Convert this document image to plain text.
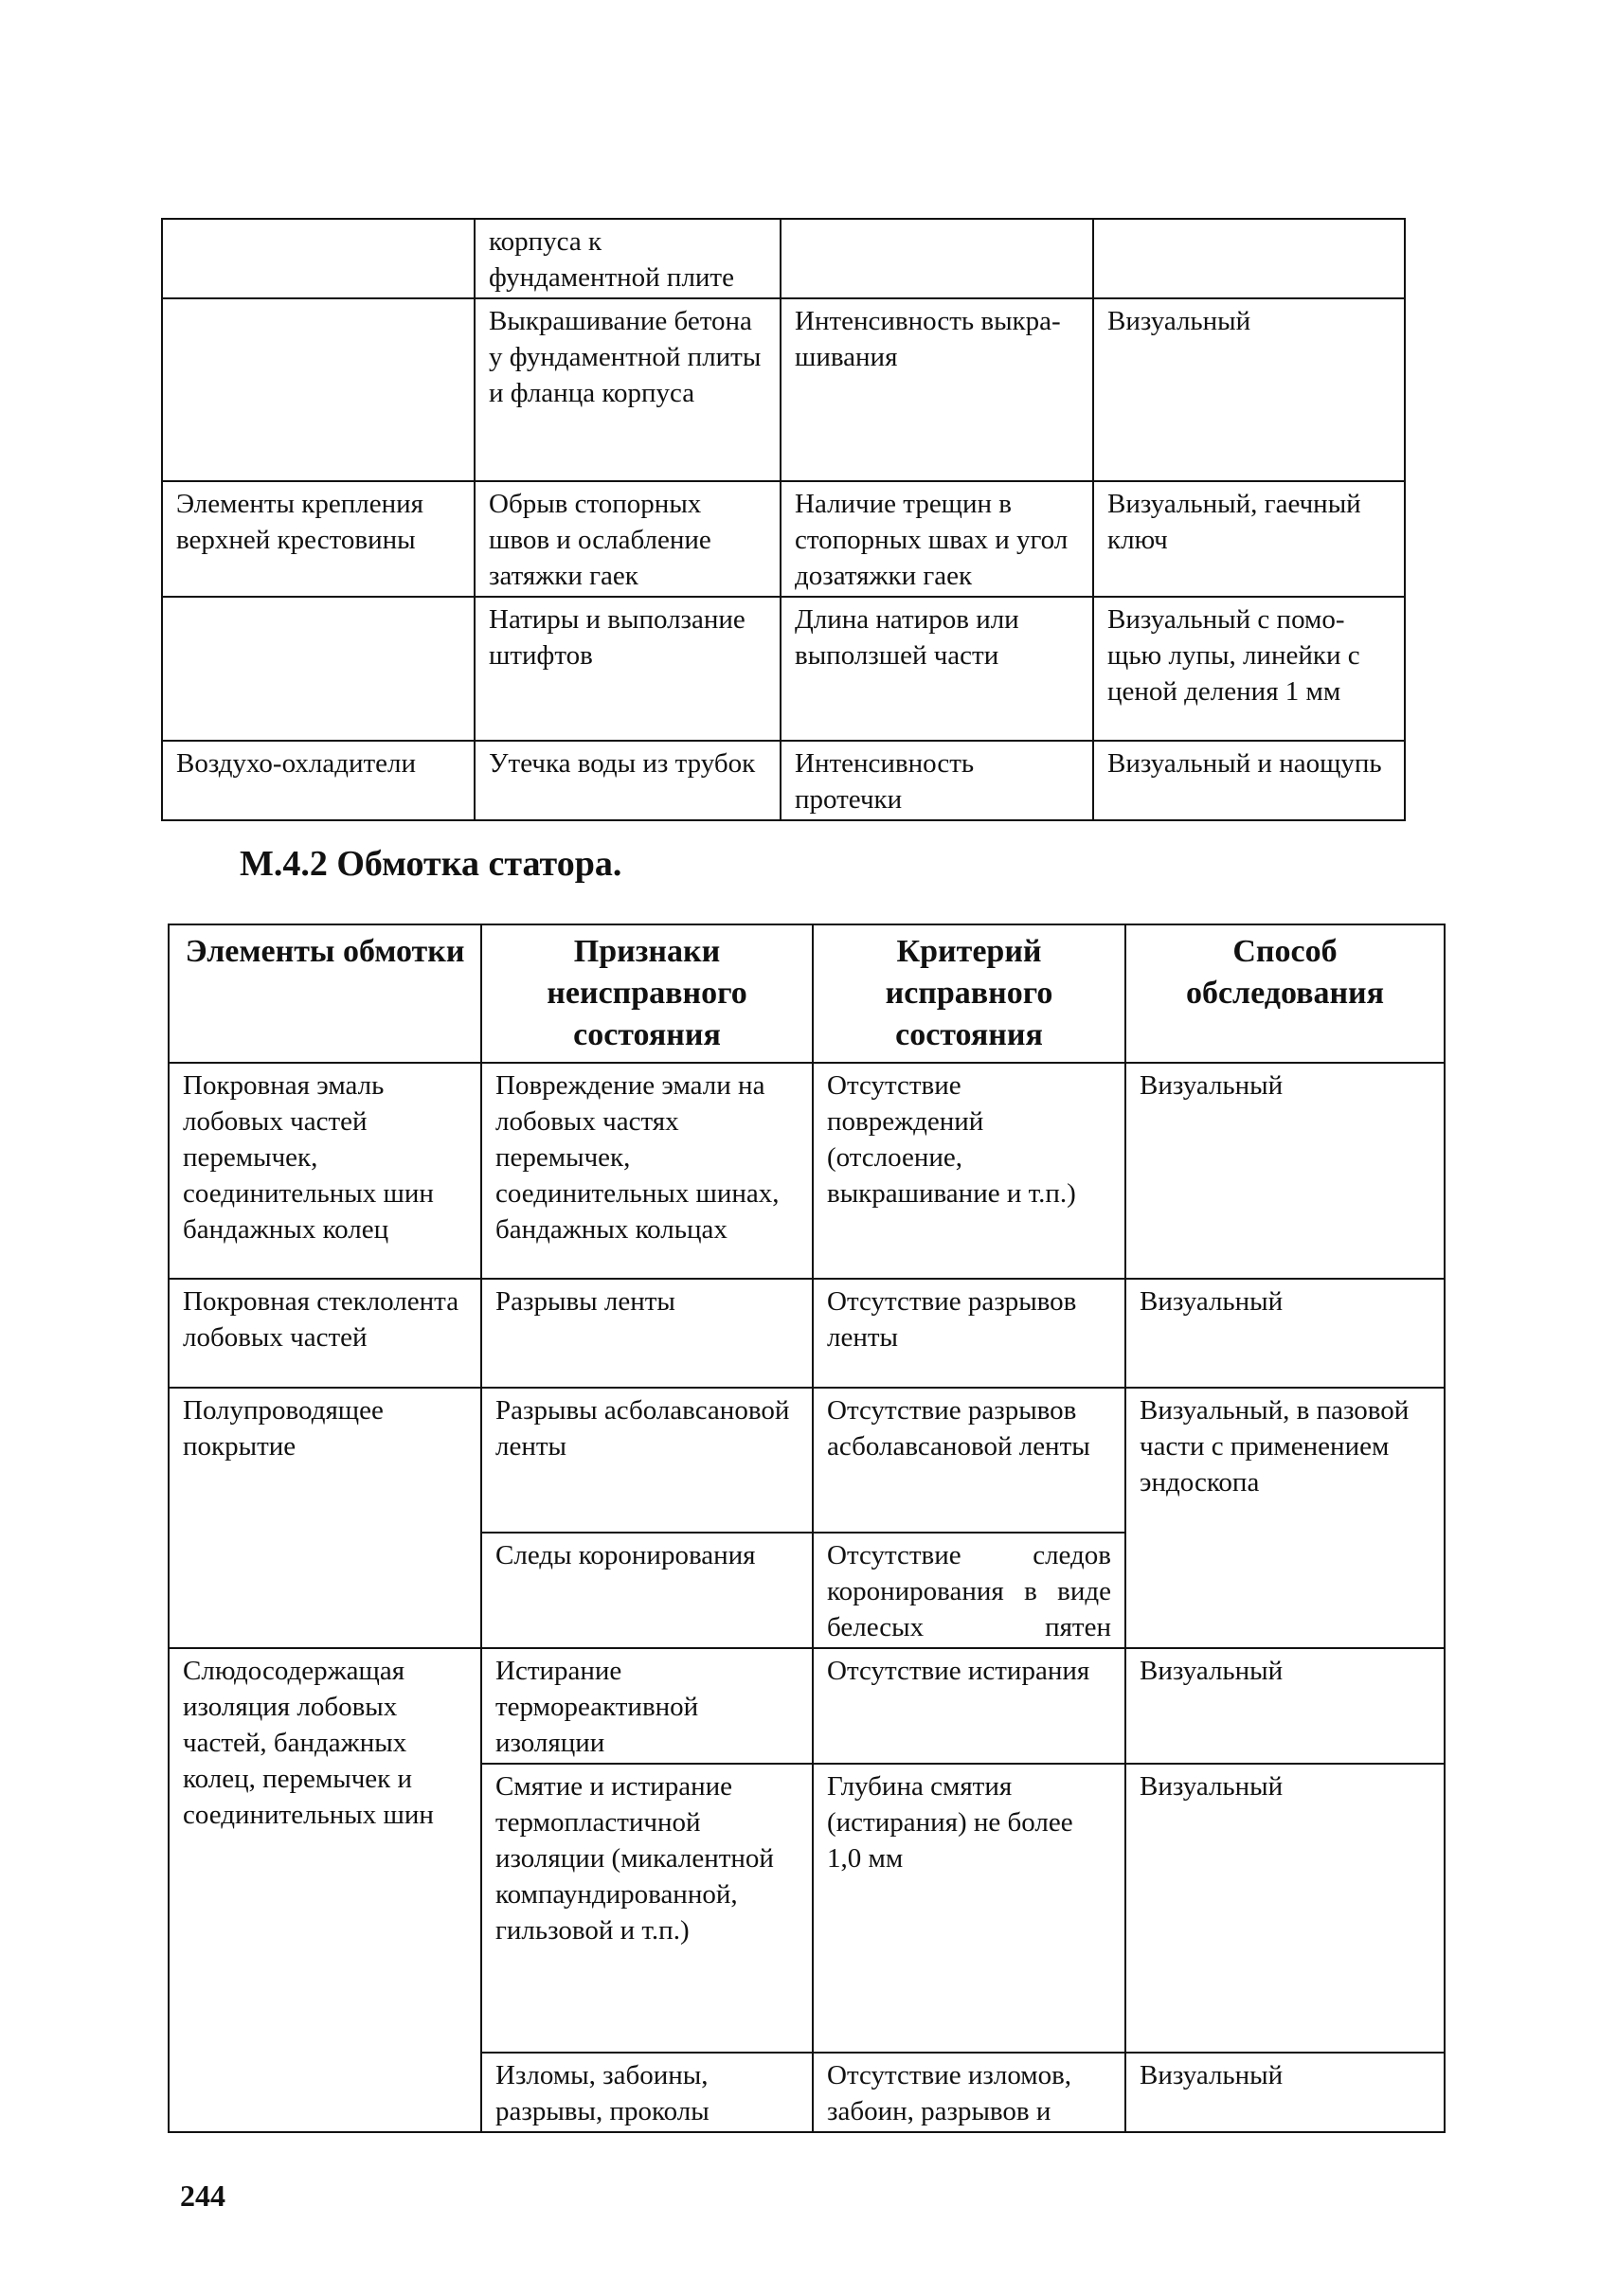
	корпуса к фундаментной плите		
	Выкрашивание бетона у фундаментной плиты и фланца корпуса	Интенсивность выкра-шивания	Визуальный
Элементы крепления верхней крестовины	Обрыв стопорных швов и ослабление затяжки гаек	Наличие трещин в стопорных швах и угол дозатяжки гаек	Визуальный, гаечный ключ
	Натиры и выползание штифтов	Длина натиров или выползшей части	Визуальный с помо-щью лупы, линейки с ценой деления 1 мм
Воздухо-охладители	Утечка воды из трубок	Интенсивность протечки	Визуальный и наощупь
М.4.2 Обмотка статора.
Элементы обмотки	Признаки неисправного состояния	Критерий исправного состояния	Способ обследования
Покровная эмаль лобовых частей перемычек, соединительных шин бандажных колец	Повреждение эмали на лобовых частях перемычек, соединительных шинах, бандажных кольцах	Отсутствие повреждений (отслоение, выкрашивание и т.п.)	Визуальный
Покровная стеклолента лобовых частей	Разрывы ленты	Отсутствие разрывов ленты	Визуальный
Полупроводящее покрытие	Разрывы асболавсановой ленты	Отсутствие разрывов асболавсановой ленты	Визуальный, в пазовой части с применением эндоскопа
	Следы коронирования	Отсутствие следов коронирования в виде белесых пятен	
Слюдосодержащая изоляция лобовых частей, бандажных колец, перемычек и соединительных шин	Истирание термореактивной изоляции	Отсутствие истирания	Визуальный
	Смятие и истирание термопластичной изоляции (микалентной компаундированной, гильзовой и т.п.)	Глубина смятия (истирания) не более 1,0 мм	Визуальный
	Изломы, забоины, разрывы, проколы	Отсутствие изломов, забоин, разрывов и	Визуальный
244
